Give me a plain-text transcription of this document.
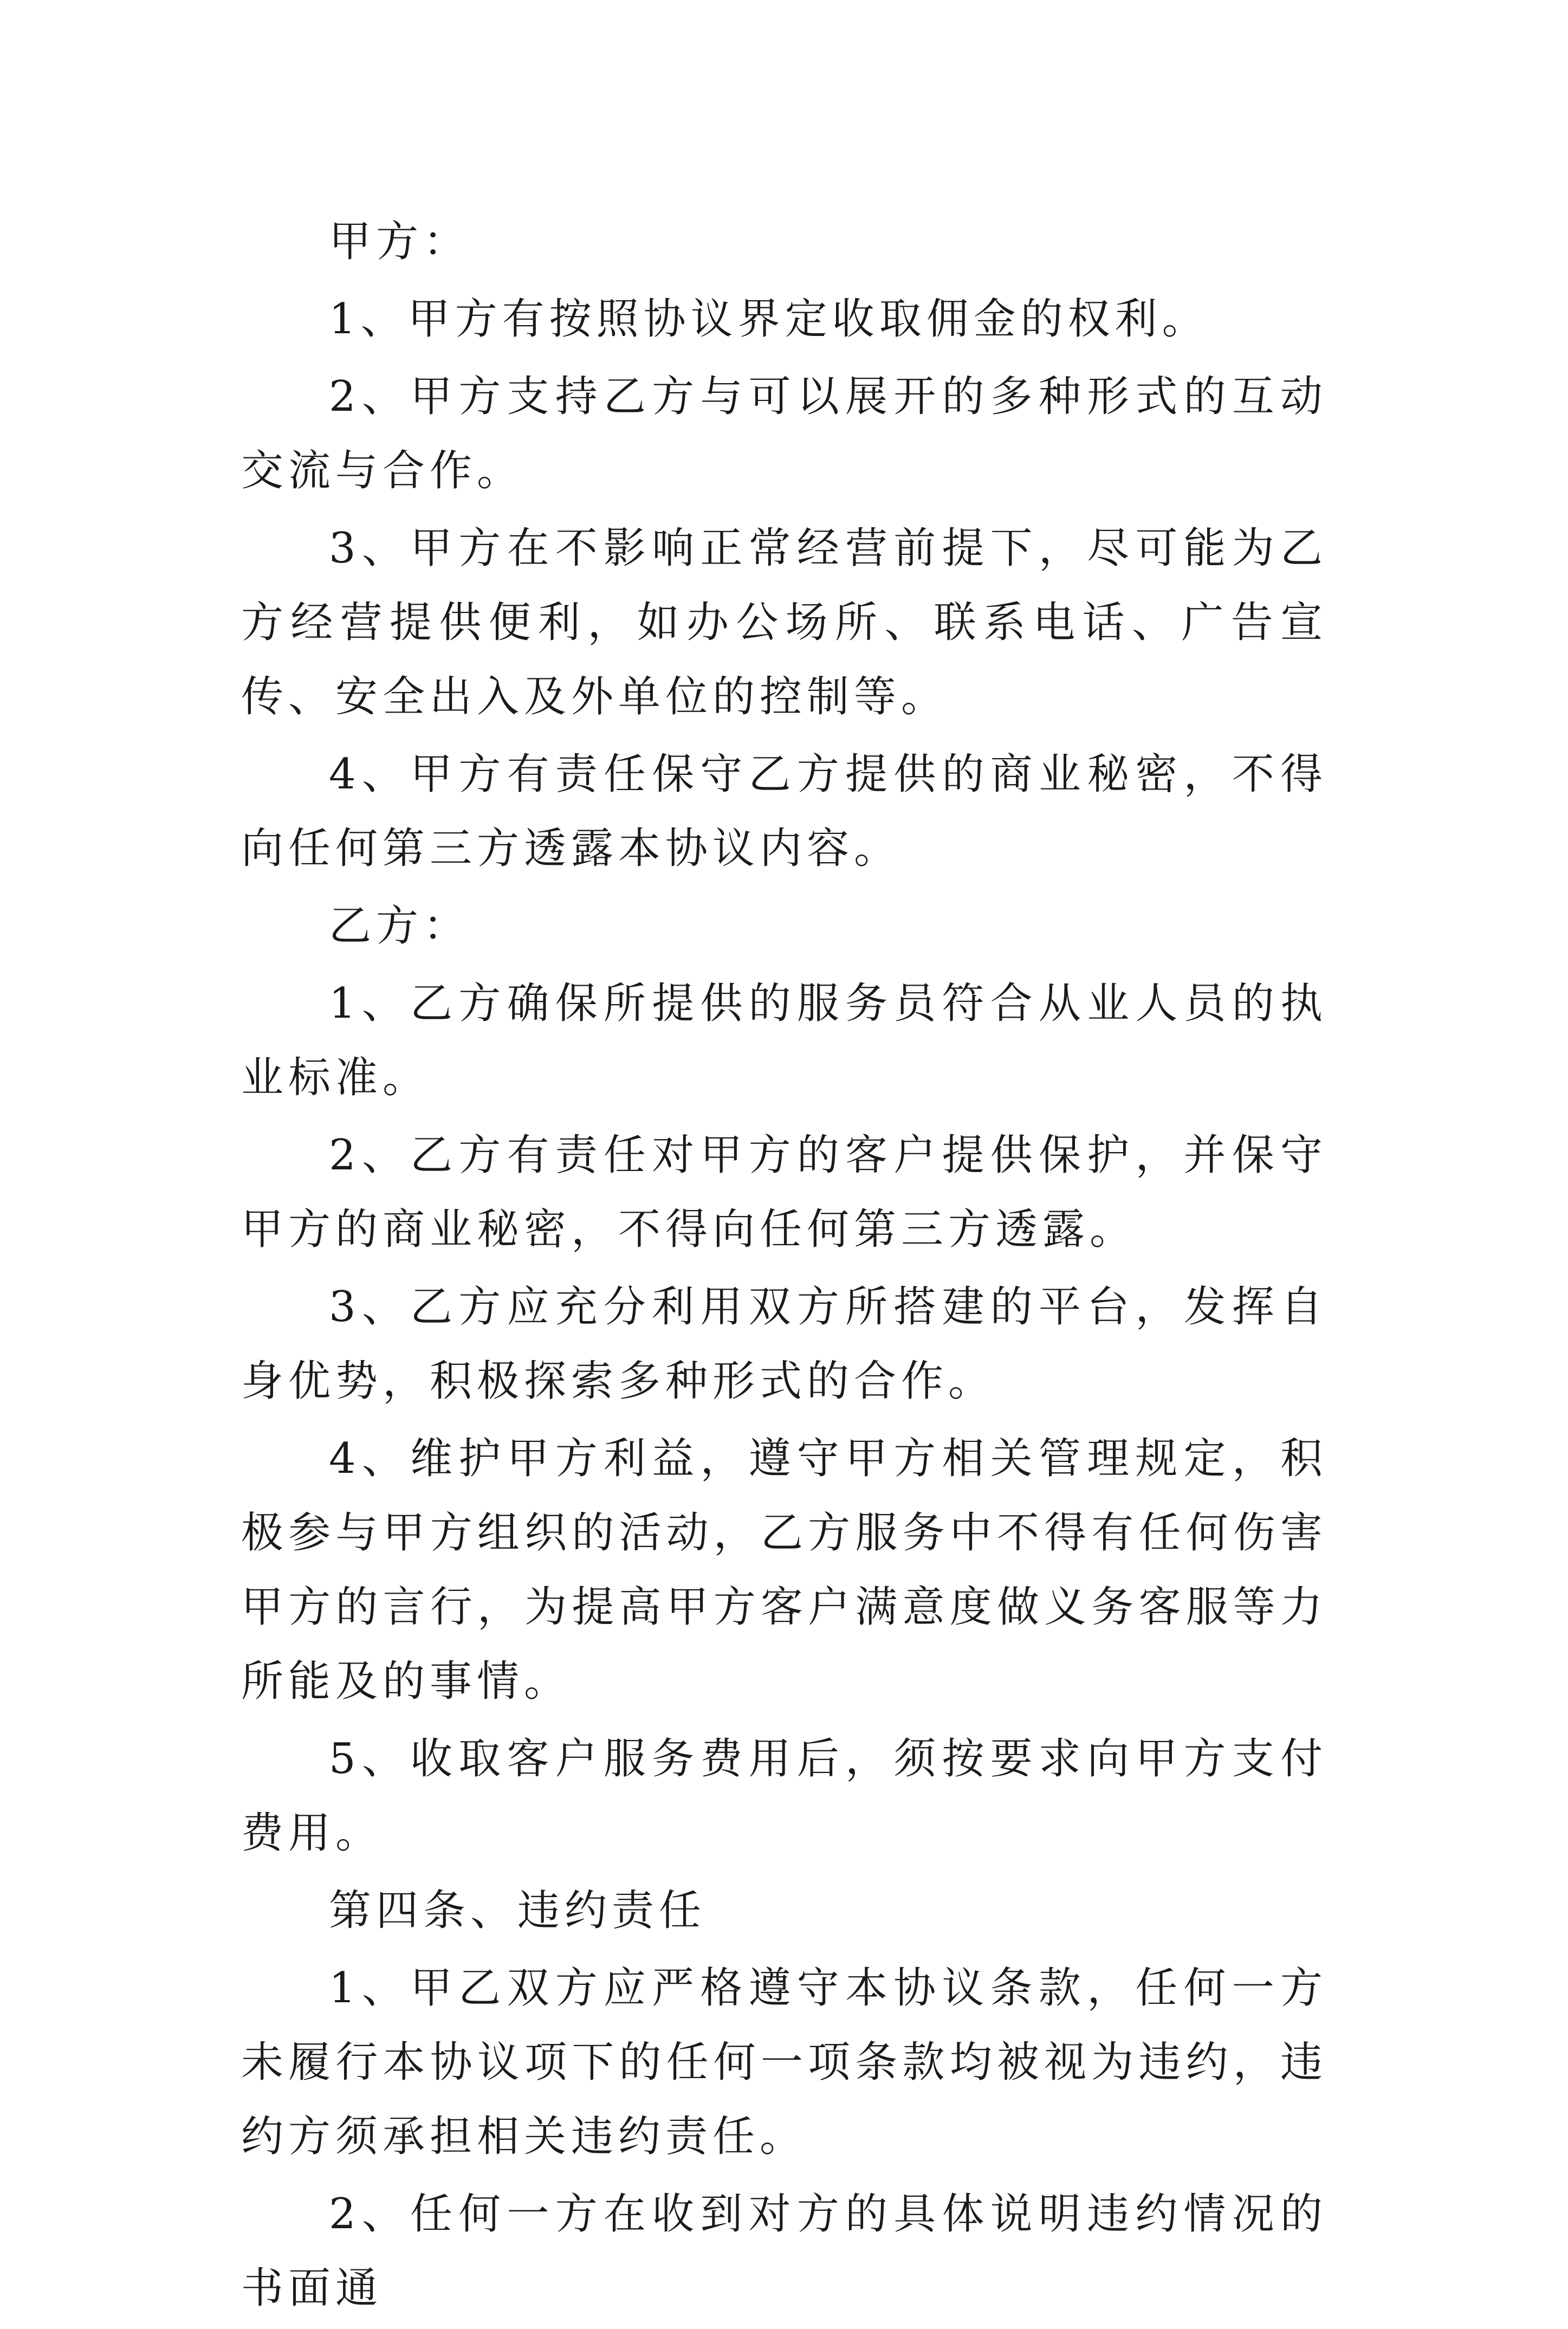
甲方：

1、甲方有按照协议界定收取佣金的权利。

2、甲方支持乙方与可以展开的多种形式的互动交流与合作。

3、甲方在不影响正常经营前提下，尽可能为乙方经营提供便利，如办公场所、联系电话、广告宣传、安全出入及外单位的控制等。

4、甲方有责任保守乙方提供的商业秘密，不得向任何第三方透露本协议内容。

乙方：

1、乙方确保所提供的服务员符合从业人员的执业标准。

2、乙方有责任对甲方的客户提供保护，并保守甲方的商业秘密，不得向任何第三方透露。

3、乙方应充分利用双方所搭建的平台，发挥自身优势，积极探索多种形式的合作。

4、维护甲方利益，遵守甲方相关管理规定，积极参与甲方组织的活动，乙方服务中不得有任何伤害甲方的言行，为提高甲方客户满意度做义务客服等力所能及的事情。

5、收取客户服务费用后，须按要求向甲方支付费用。

第四条、违约责任

1、甲乙双方应严格遵守本协议条款，任何一方未履行本协议项下的任何一项条款均被视为违约，违约方须承担相关违约责任。

2、任何一方在收到对方的具体说明违约情况的书面通
